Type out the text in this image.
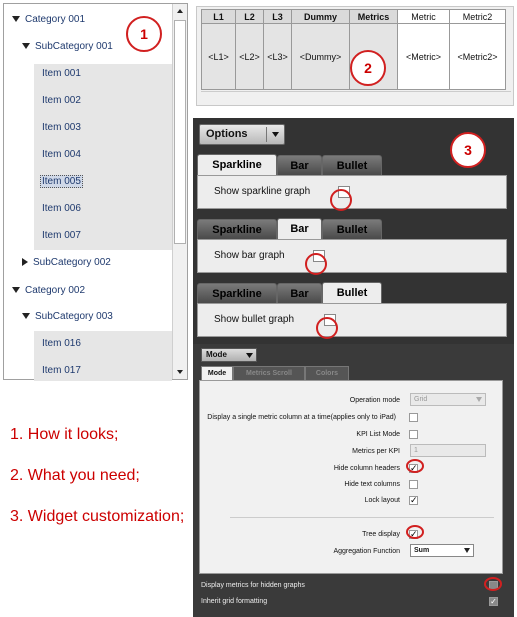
Category 001
SubCategory 001
Item 001
Item 002
Item 003
Item 004
Item 005
Item 006
Item 007
SubCategory 002
Category 002
SubCategory 003
Item 016
Item 017
1
L1	L2	L3	Dummy	Metrics	Metric	Metric2
<L1>	<L2>	<L3>	<Dummy>		<Metric>	<Metric2>
2
Options
Sparkline	Bar	Bullet
Show sparkline graph
Sparkline	Bar	Bullet
Show bar graph
Sparkline	Bar	Bullet
Show bullet graph
3
Mode
Mode	Metrics Scroll	Colors
Operation mode	Grid
Display a single metric column at a time(applies only to iPad)
KPI List Mode
Metrics per KPI	1
Hide column headers ✓
Hide text columns
Lock layout ✓
Tree display ✓
Aggregation Function	Sum
Display metrics for hidden graphs
Inherit grid formatting	✓
1. How it looks;
2. What you need;
3. Widget customization;
